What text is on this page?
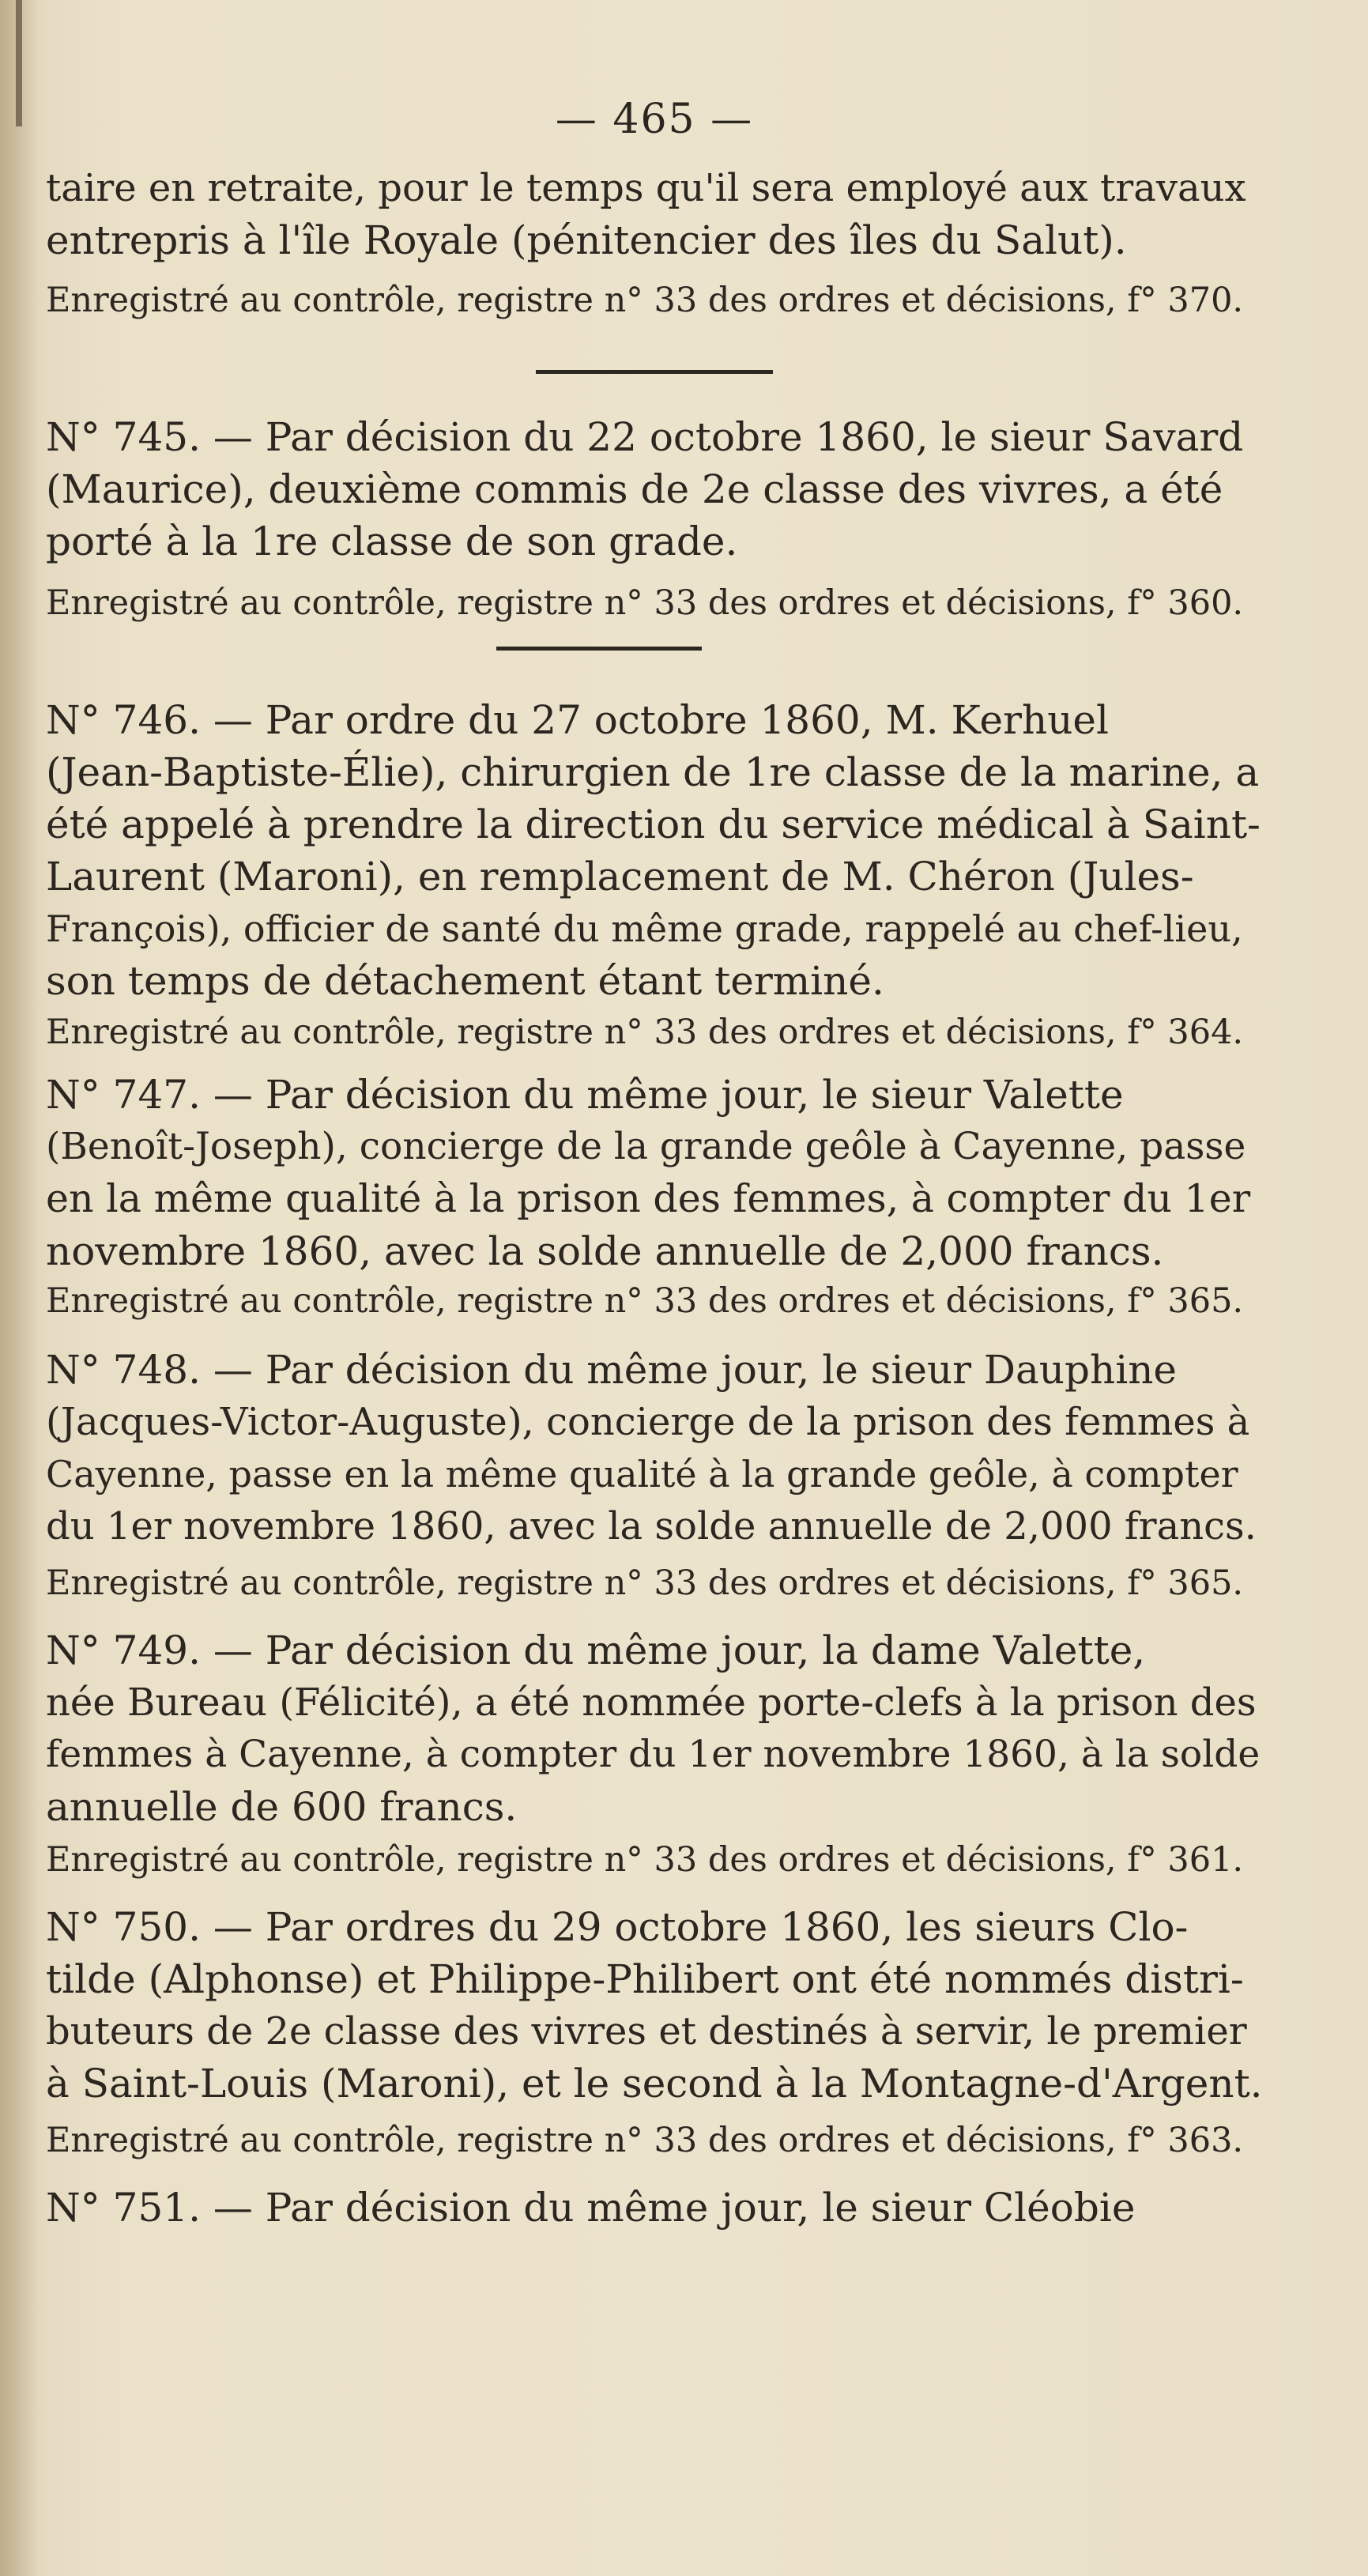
— 465 —

taire en retraite, pour le temps qu'il sera employé aux travaux
entrepris à l'île Royale (pénitencier des îles du Salut).

Enregistré au contrôle, registre n° 33 des ordres et décisions, f° 370.

N° 745. — Par décision du 22 octobre 1860, le sieur Savard
(Maurice), deuxième commis de 2e classe des vivres, a été
porté à la 1re classe de son grade.

Enregistré au contrôle, registre n° 33 des ordres et décisions, f° 360.

N° 746. — Par ordre du 27 octobre 1860, M. Kerhuel
(Jean-Baptiste-Élie), chirurgien de 1re classe de la marine, a
été appelé à prendre la direction du service médical à Saint-
Laurent (Maroni), en remplacement de M. Chéron (Jules-
François), officier de santé du même grade, rappelé au chef-lieu,
son temps de détachement étant terminé.

Enregistré au contrôle, registre n° 33 des ordres et décisions, f° 364.

N° 747. — Par décision du même jour, le sieur Valette
(Benoît-Joseph), concierge de la grande geôle à Cayenne, passe
en la même qualité à la prison des femmes, à compter du 1er
novembre 1860, avec la solde annuelle de 2,000 francs.

Enregistré au contrôle, registre n° 33 des ordres et décisions, f° 365.

N° 748. — Par décision du même jour, le sieur Dauphine
(Jacques-Victor-Auguste), concierge de la prison des femmes à
Cayenne, passe en la même qualité à la grande geôle, à compter
du 1er novembre 1860, avec la solde annuelle de 2,000 francs.

Enregistré au contrôle, registre n° 33 des ordres et décisions, f° 365.

N° 749. — Par décision du même jour, la dame Valette,
née Bureau (Félicité), a été nommée porte-clefs à la prison des
femmes à Cayenne, à compter du 1er novembre 1860, à la solde
annuelle de 600 francs.

Enregistré au contrôle, registre n° 33 des ordres et décisions, f° 361.

N° 750. — Par ordres du 29 octobre 1860, les sieurs Clo-
tilde (Alphonse) et Philippe-Philibert ont été nommés distri-
buteurs de 2e classe des vivres et destinés à servir, le premier
à Saint-Louis (Maroni), et le second à la Montagne-d'Argent.

Enregistré au contrôle, registre n° 33 des ordres et décisions, f° 363.

N° 751. — Par décision du même jour, le sieur Cléobie
